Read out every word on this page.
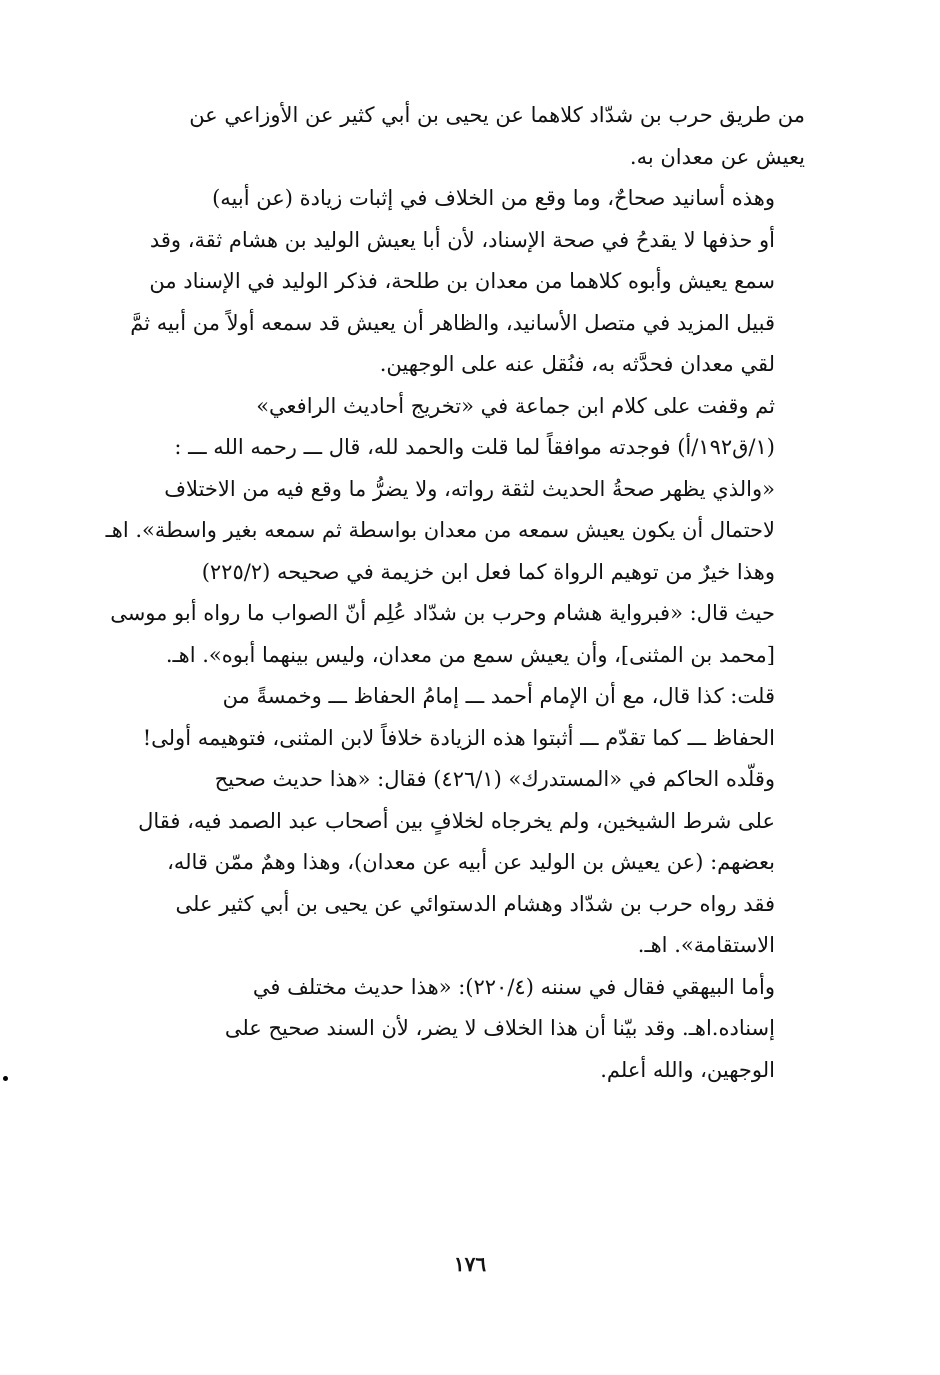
من طريق حرب بن شدّاد كلاهما عن يحيى بن أبي كثير عن الأوزاعي عن
يعيش عن معدان به.

وهذه أسانيد صحاحٌ، وما وقع من الخلاف في إثبات زيادة (عن أبيه)
أو حذفها لا يقدحُ في صحة الإسناد، لأن أبا يعيش الوليد بن هشام ثقة، وقد
سمع يعيش وأبوه كلاهما من معدان بن طلحة، فذكر الوليد في الإسناد من
قبيل المزيد في متصل الأسانيد، والظاهر أن يعيش قد سمعه أولاً من أبيه ثمَّ
لقي معدان فحدَّثه به، فنُقل عنه على الوجهين.

ثم وقفت على كلام ابن جماعة في «تخريج أحاديث الرافعي»
(١/ق١٩٢/أ) فوجدته موافقاً لما قلت والحمد لله، قال ـــ رحمه الله ـــ :
«والذي يظهر صحةُ الحديث لثقة رواته، ولا يضرُّ ما وقع فيه من الاختلاف
لاحتمال أن يكون يعيش سمعه من معدان بواسطة ثم سمعه بغير واسطة». اهـ

وهذا خيرٌ من توهيم الرواة كما فعل ابن خزيمة في صحيحه (٢٢٥/٢)
حيث قال: «فبرواية هشام وحرب بن شدّاد عُلِم أنّ الصواب ما رواه أبو موسى
[محمد بن المثنى]، وأن يعيش سمع من معدان، وليس بينهما أبوه». اهـ.

قلت: كذا قال، مع أن الإمام أحمد ـــ إمامُ الحفاظ ـــ وخمسةً من
الحفاظ ـــ كما تقدّم ـــ أثبتوا هذه الزيادة خلافاً لابن المثنى، فتوهيمه أولى!

وقلّده الحاكم في «المستدرك» (٤٢٦/١) فقال: «هذا حديث صحيح
على شرط الشيخين، ولم يخرجاه لخلافٍ بين أصحاب عبد الصمد فيه، فقال
بعضهم: (عن يعيش بن الوليد عن أبيه عن معدان)، وهذا وهمٌ ممّن قاله،
فقد رواه حرب بن شدّاد وهشام الدستوائي عن يحيى بن أبي كثير على
الاستقامة». اهـ.

وأما البيهقي فقال في سننه (٢٢٠/٤): «هذا حديث مختلف في
إسناده.اهـ. وقد بيّنا أن هذا الخلاف لا يضر، لأن السند صحيح على
الوجهين، والله أعلم.

١٧٦
